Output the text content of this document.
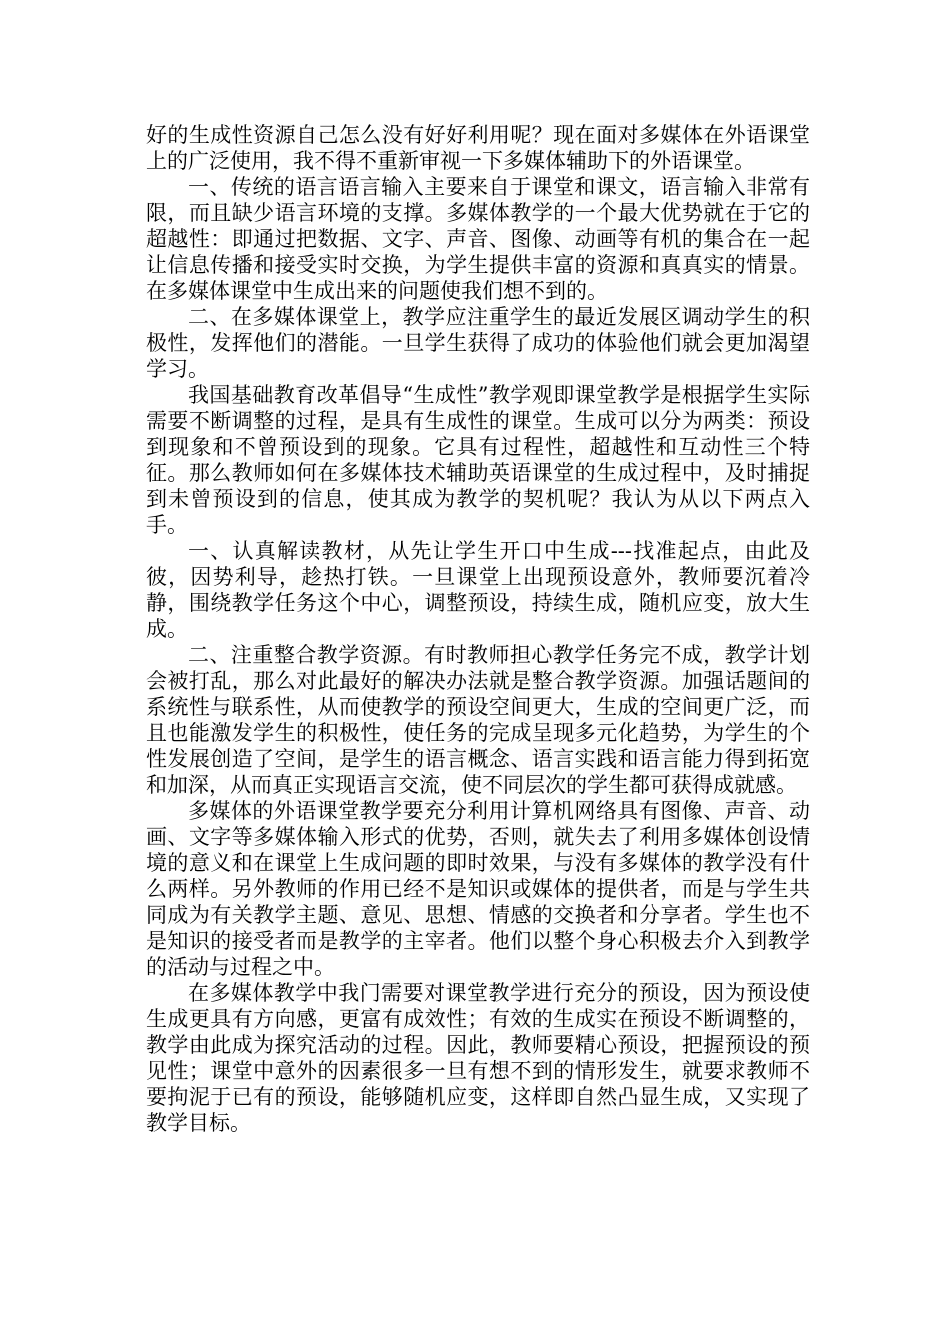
好的生成性资源自己怎么没有好好利用呢？现在面对多媒体在外语课堂上的广泛使用，我不得不重新审视一下多媒体辅助下的外语课堂。

一、传统的语言语言输入主要来自于课堂和课文，语言输入非常有限，而且缺少语言环境的支撑。多媒体教学的一个最大优势就在于它的超越性：即通过把数据、文字、声音、图像、动画等有机的集合在一起让信息传播和接受实时交换，为学生提供丰富的资源和真真实的情景。在多媒体课堂中生成出来的问题使我们想不到的。

二、在多媒体课堂上，教学应注重学生的最近发展区调动学生的积极性，发挥他们的潜能。一旦学生获得了成功的体验他们就会更加渴望学习。

我国基础教育改革倡导“生成性”教学观即课堂教学是根据学生实际需要不断调整的过程，是具有生成性的课堂。生成可以分为两类：预设到现象和不曾预设到的现象。它具有过程性，超越性和互动性三个特征。那么教师如何在多媒体技术辅助英语课堂的生成过程中，及时捕捉到未曾预设到的信息，使其成为教学的契机呢？我认为从以下两点入手。

一、认真解读教材，从先让学生开口中生成---找准起点，由此及彼，因势利导，趁热打铁。一旦课堂上出现预设意外，教师要沉着冷静，围绕教学任务这个中心，调整预设，持续生成，随机应变，放大生成。

二、注重整合教学资源。有时教师担心教学任务完不成，教学计划会被打乱，那么对此最好的解决办法就是整合教学资源。加强话题间的系统性与联系性，从而使教学的预设空间更大，生成的空间更广泛，而且也能激发学生的积极性，使任务的完成呈现多元化趋势，为学生的个性发展创造了空间，是学生的语言概念、语言实践和语言能力得到拓宽和加深，从而真正实现语言交流，使不同层次的学生都可获得成就感。

多媒体的外语课堂教学要充分利用计算机网络具有图像、声音、动画、文字等多媒体输入形式的优势，否则，就失去了利用多媒体创设情境的意义和在课堂上生成问题的即时效果，与没有多媒体的教学没有什么两样。另外教师的作用已经不是知识或媒体的提供者，而是与学生共同成为有关教学主题、意见、思想、情感的交换者和分享者。学生也不是知识的接受者而是教学的主宰者。他们以整个身心积极去介入到教学的活动与过程之中。

在多媒体教学中我门需要对课堂教学进行充分的预设，因为预设使生成更具有方向感，更富有成效性；有效的生成实在预设不断调整的，教学由此成为探究活动的过程。因此，教师要精心预设，把握预设的预见性；课堂中意外的因素很多一旦有想不到的情形发生，就要求教师不要拘泥于已有的预设，能够随机应变，这样即自然凸显生成，又实现了教学目标。
